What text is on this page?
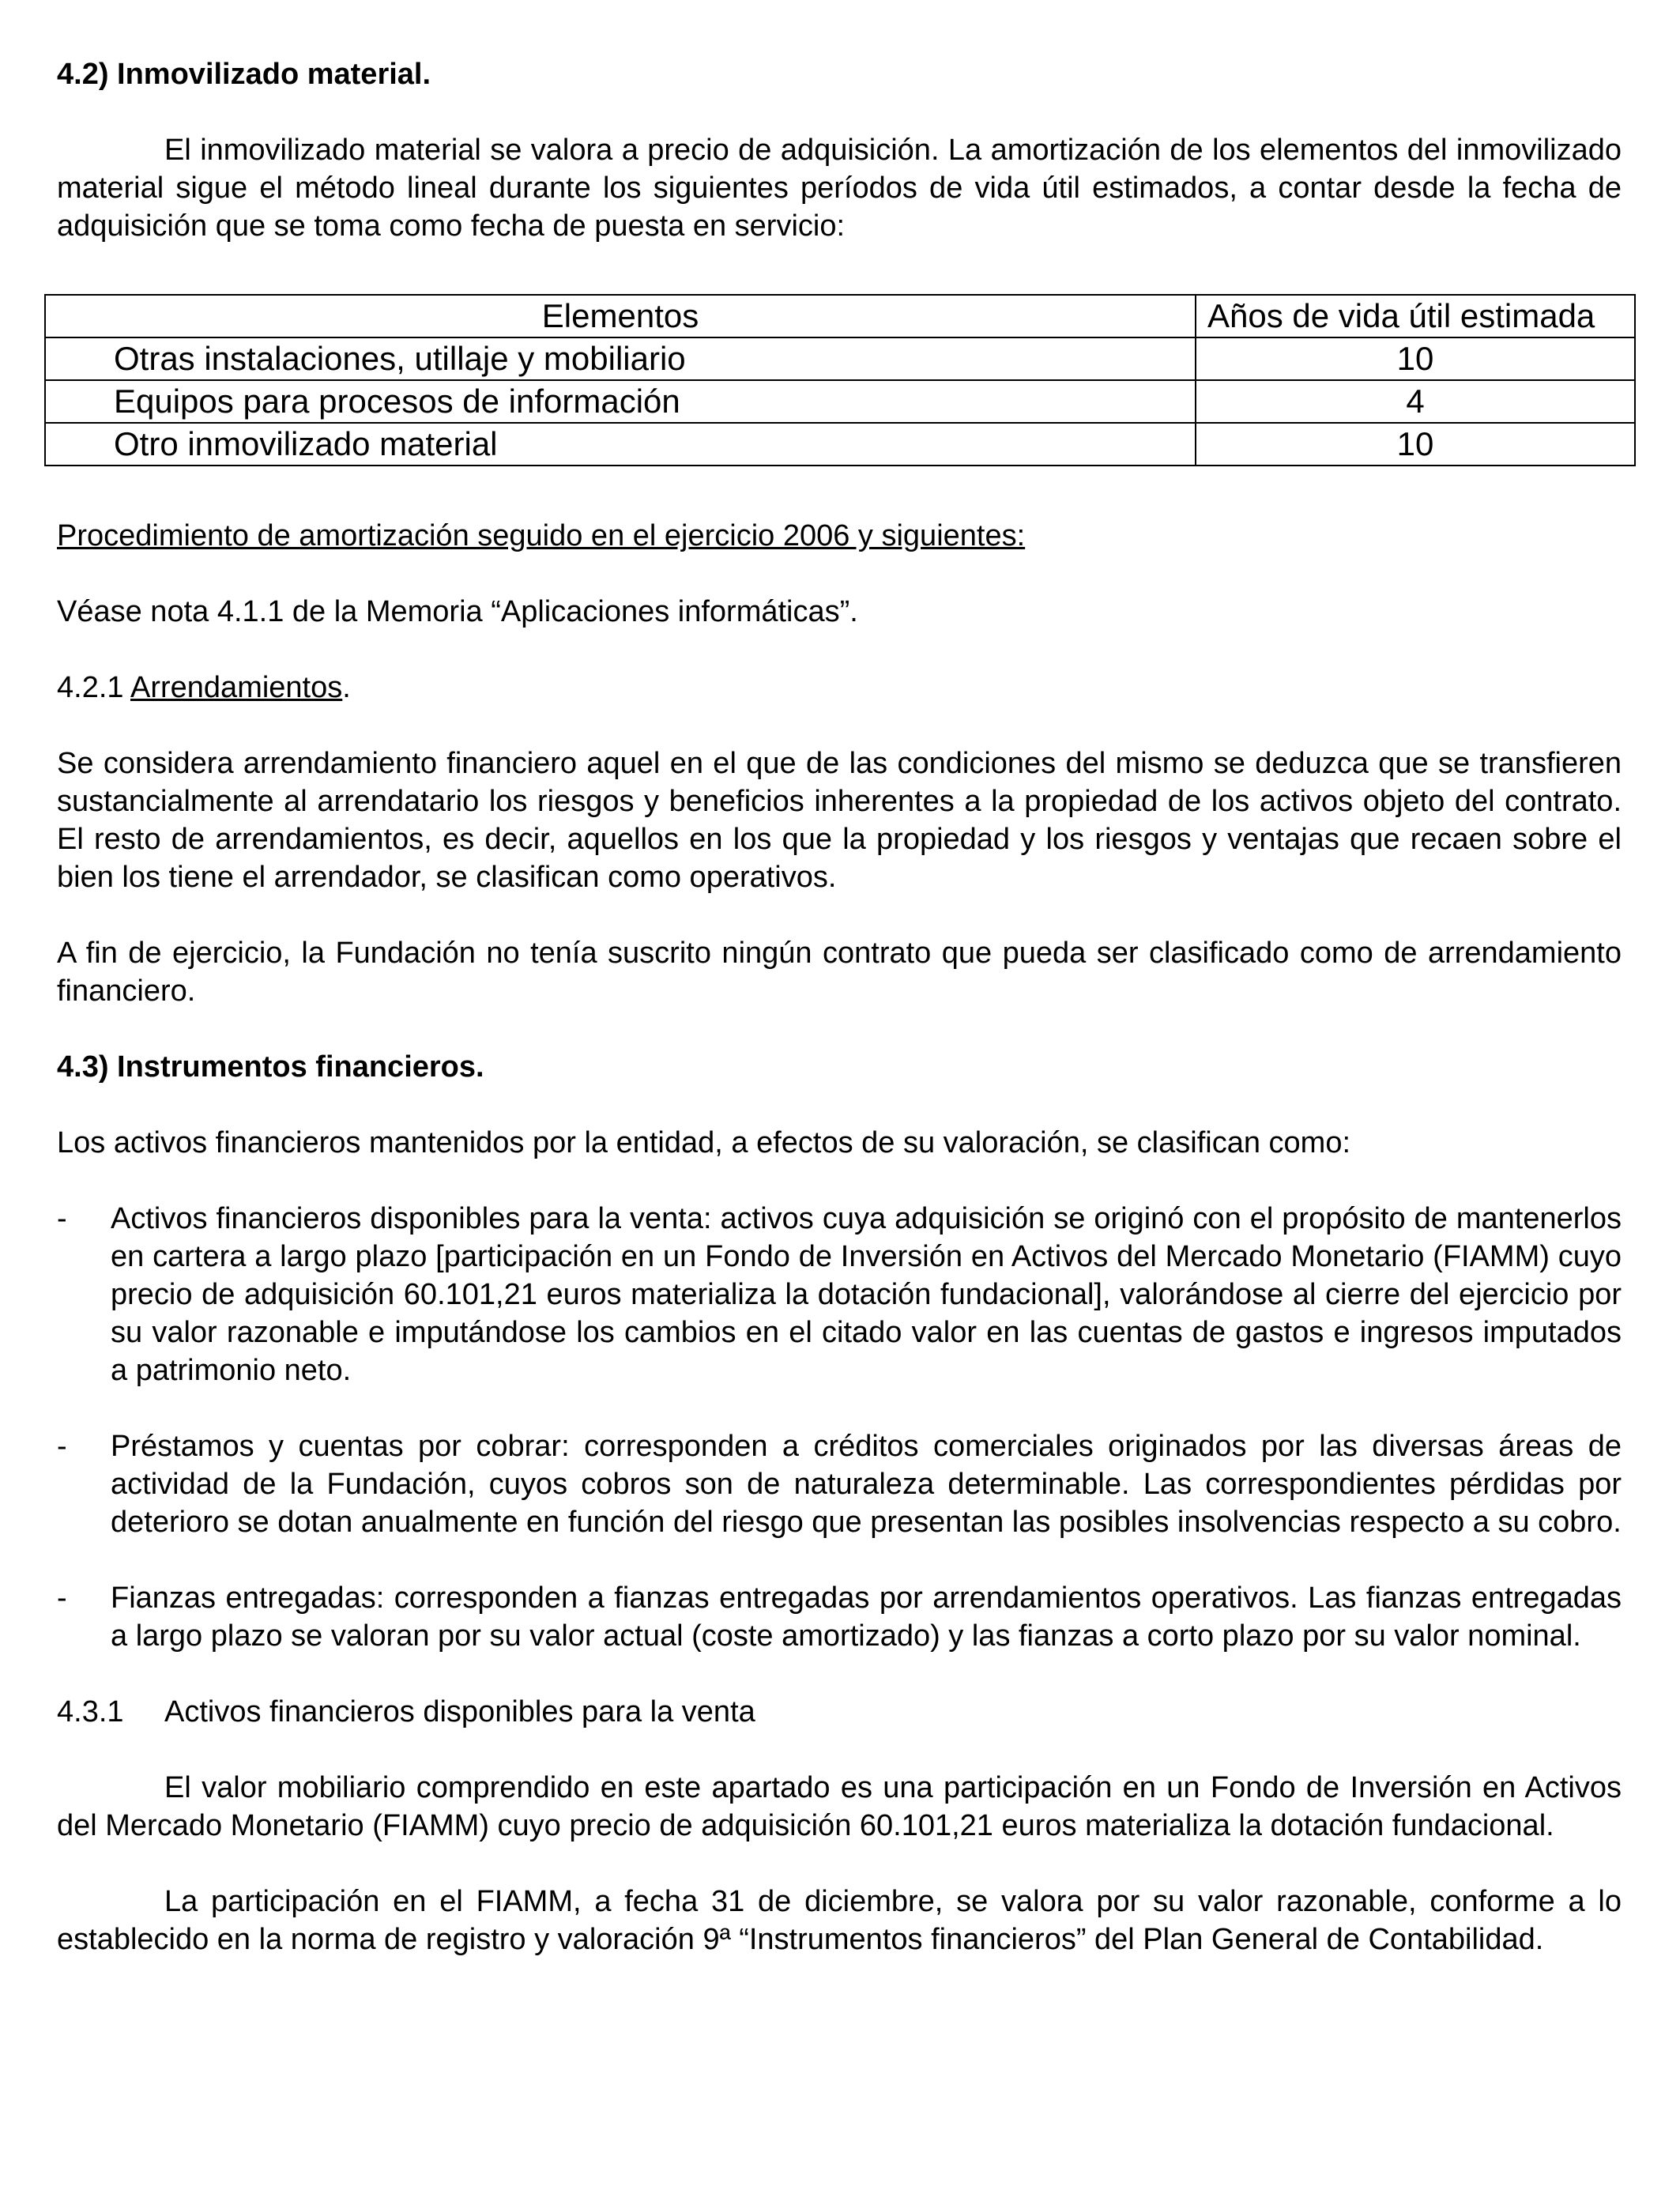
4.2) Inmovilizado material.

El inmovilizado material se valora a precio de adquisición. La amortización de los elementos del inmovilizado material sigue el método lineal durante los siguientes períodos de vida útil estimados, a contar desde la fecha de adquisición que se toma como fecha de puesta en servicio:

Elementos	Años de vida útil estimada
Otras instalaciones, utillaje y mobiliario	10
Equipos para procesos de información	4
Otro inmovilizado material	10

Procedimiento de amortización seguido en el ejercicio 2006 y siguientes:

Véase nota 4.1.1 de la Memoria “Aplicaciones informáticas”.

4.2.1 Arrendamientos.

Se considera arrendamiento financiero aquel en el que de las condiciones del mismo se deduzca que se transfieren sustancialmente al arrendatario los riesgos y beneficios inherentes a la propiedad de los activos objeto del contrato. El resto de arrendamientos, es decir, aquellos en los que la propiedad y los riesgos y ventajas que recaen sobre el bien los tiene el arrendador, se clasifican como operativos.

A fin de ejercicio, la Fundación no tenía suscrito ningún contrato que pueda ser clasificado como de arrendamiento financiero.

4.3) Instrumentos financieros.

Los activos financieros mantenidos por la entidad, a efectos de su valoración, se clasifican como:

- Activos financieros disponibles para la venta: activos cuya adquisición se originó con el propósito de mantenerlos en cartera a largo plazo [participación en un Fondo de Inversión en Activos del Mercado Monetario (FIAMM) cuyo precio de adquisición 60.101,21 euros materializa la dotación fundacional], valorándose al cierre del ejercicio por su valor razonable e imputándose los cambios en el citado valor en las cuentas de gastos e ingresos imputados a patrimonio neto.
- Préstamos y cuentas por cobrar: corresponden a créditos comerciales originados por las diversas áreas de actividad de la Fundación, cuyos cobros son de naturaleza determinable. Las correspondientes pérdidas por deterioro se dotan anualmente en función del riesgo que presentan las posibles insolvencias respecto a su cobro.
- Fianzas entregadas: corresponden a fianzas entregadas por arrendamientos operativos. Las fianzas entregadas a largo plazo se valoran por su valor actual (coste amortizado) y las fianzas a corto plazo por su valor nominal.
4.3.1	Activos financieros disponibles para la venta

El valor mobiliario comprendido en este apartado es una participación en un Fondo de Inversión en Activos del Mercado Monetario (FIAMM) cuyo precio de adquisición 60.101,21 euros materializa la dotación fundacional.

La participación en el FIAMM, a fecha 31 de diciembre, se valora por su valor razonable, conforme a lo establecido en la norma de registro y valoración 9ª “Instrumentos financieros” del Plan General de Contabilidad.
